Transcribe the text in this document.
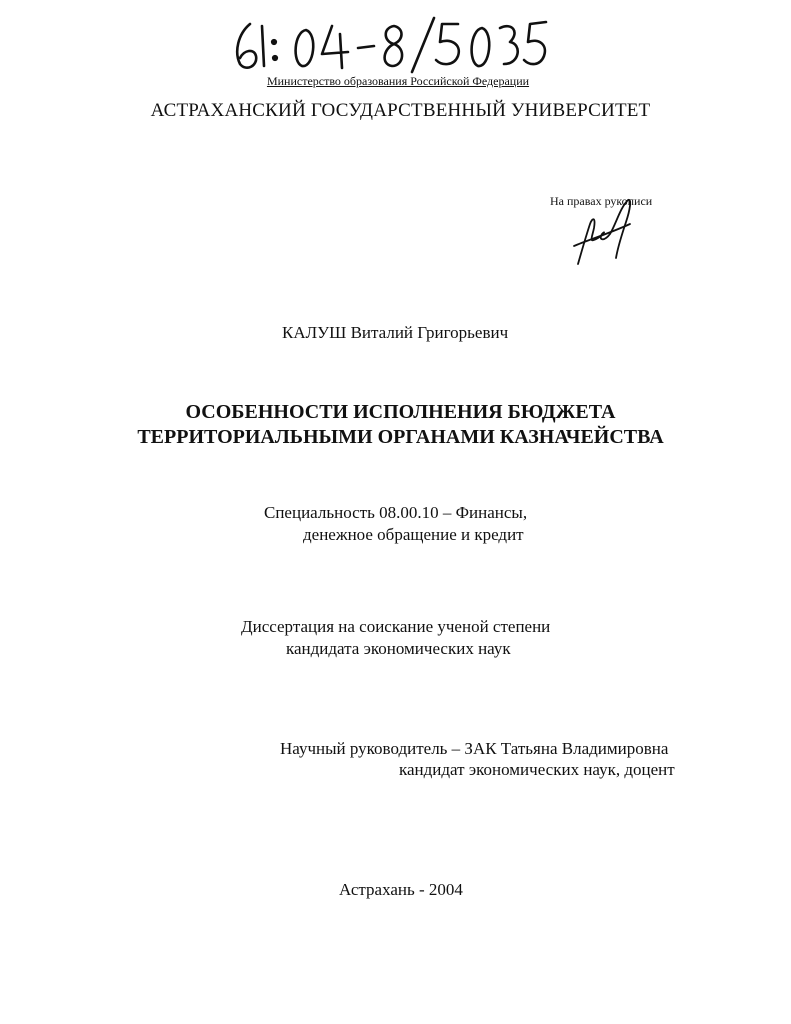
Министерство образования Российской Федерации
АСТРАХАНСКИЙ ГОСУДАРСТВЕННЫЙ УНИВЕРСИТЕТ
На правах рукописи
КАЛУШ Виталий Григорьевич
ОСОБЕННОСТИ ИСПОЛНЕНИЯ БЮДЖЕТА
ТЕРРИТОРИАЛЬНЫМИ ОРГАНАМИ КАЗНАЧЕЙСТВА
Специальность 08.00.10 – Финансы,
денежное обращение и кредит
Диссертация на соискание ученой степени
кандидата экономических наук
Научный руководитель – ЗАК Татьяна Владимировна
кандидат экономических наук, доцент
Астрахань - 2004
